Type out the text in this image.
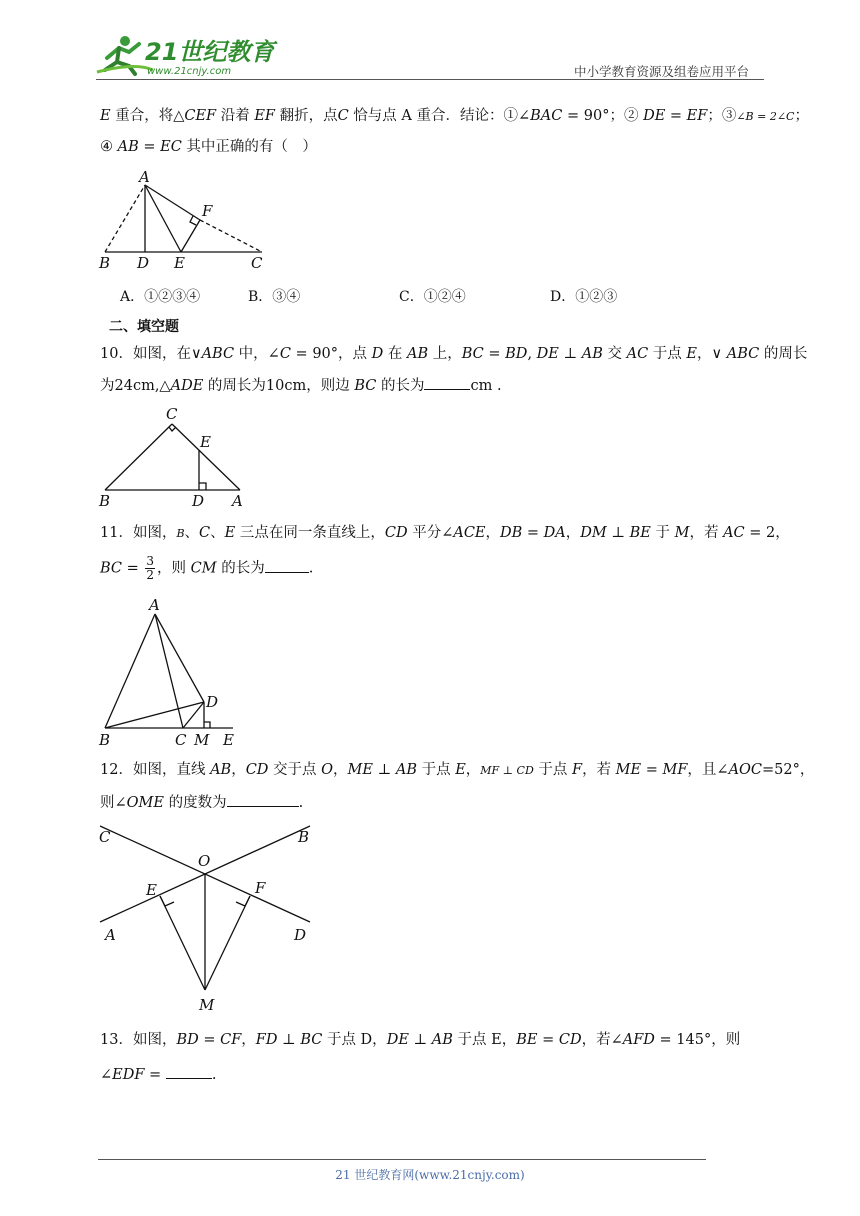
21世纪教育
www.21cnjy.com	中小学教育资源及组卷应用平台
E 重合，将△CEF 沿着 EF 翻折，点C 恰与点 A 重合．结论：①∠BAC = 90°；② DE = EF；③∠B = 2∠C；
④ AB = EC 其中正确的有（　）
A
F
B D E	C
A．①②③④	B．③④	C．①②④	D．①②③
二、填空题
10．如图，在∨ABC 中，∠C = 90°，点 D 在 AB 上，BC = BD, DE ⊥ AB 交 AC 于点 E，∨ ABC 的周长
为24cm,△ADE 的周长为10cm，则边 BC 的长为	cm .
C
E
B	D A
11．如图，B、C、E 三点在同一条直线上，CD 平分∠ACE，DB = DA，DM ⊥ BE 于 M，若 AC = 2，
BC = $\frac{3}{2}$ ，则 CM 的长为	.
A
D
B	C M E
12．如图，直线 AB，CD 交于点 O，ME ⊥ AB 于点 E，MF ⊥ CD 于点 F，若 ME = MF，且∠AOC=52°，
则∠OME 的度数为	.
C	B
O
E	F
A	D
M
13．如图，BD = CF，FD ⊥ BC 于点 D，DE ⊥ AB 于点 E，BE = CD，若∠AFD = 145°，则
∠EDF =	.
21 世纪教育网(www.21cnjy.com)
